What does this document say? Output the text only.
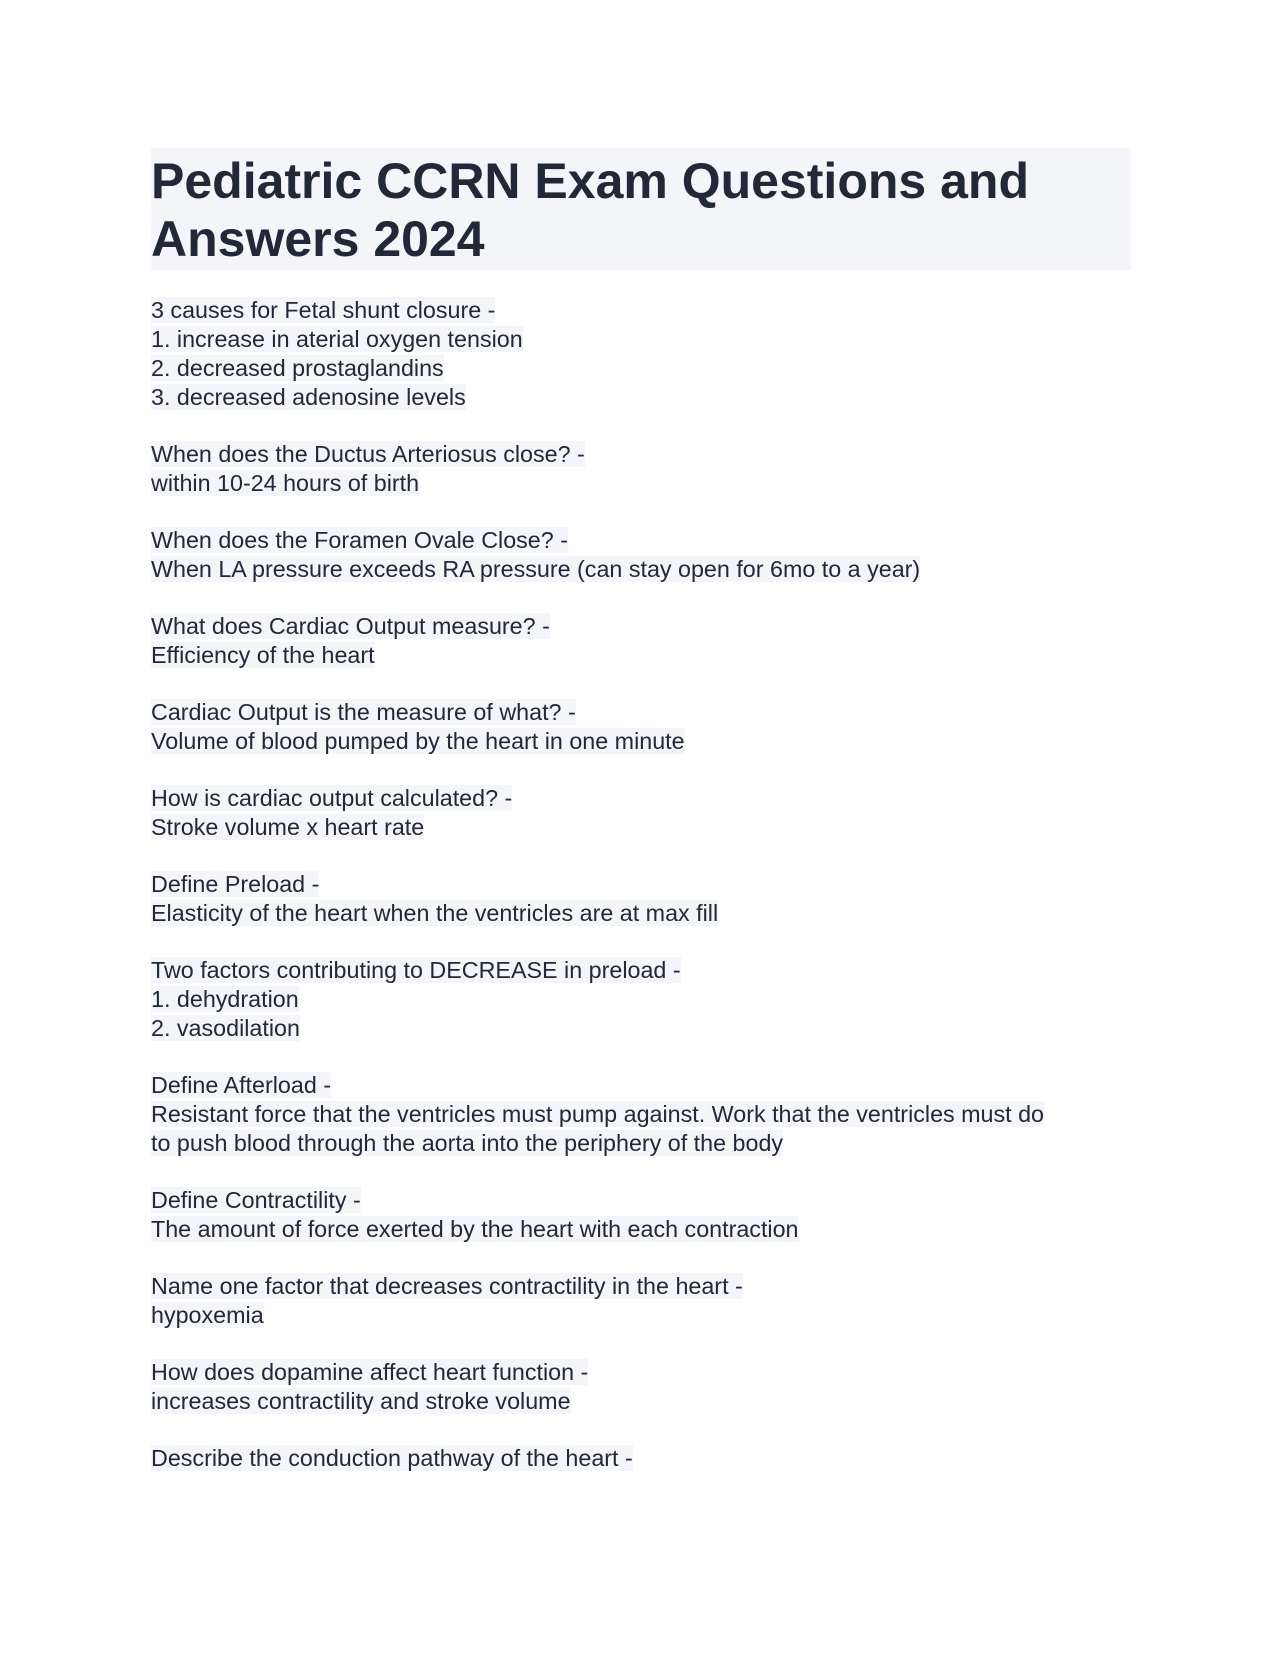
Pediatric CCRN Exam Questions and
Answers 2024
3 causes for Fetal shunt closure -
1. increase in aterial oxygen tension
2. decreased prostaglandins
3. decreased adenosine levels
When does the Ductus Arteriosus close? -
within 10-24 hours of birth
When does the Foramen Ovale Close? -
When LA pressure exceeds RA pressure (can stay open for 6mo to a year)
What does Cardiac Output measure? -
Efficiency of the heart
Cardiac Output is the measure of what? -
Volume of blood pumped by the heart in one minute
How is cardiac output calculated? -
Stroke volume x heart rate
Define Preload -
Elasticity of the heart when the ventricles are at max fill
Two factors contributing to DECREASE in preload -
1. dehydration
2. vasodilation
Define Afterload -
Resistant force that the ventricles must pump against. Work that the ventricles must do
to push blood through the aorta into the periphery of the body
Define Contractility -
The amount of force exerted by the heart with each contraction
Name one factor that decreases contractility in the heart -
hypoxemia
How does dopamine affect heart function -
increases contractility and stroke volume
Describe the conduction pathway of the heart -
